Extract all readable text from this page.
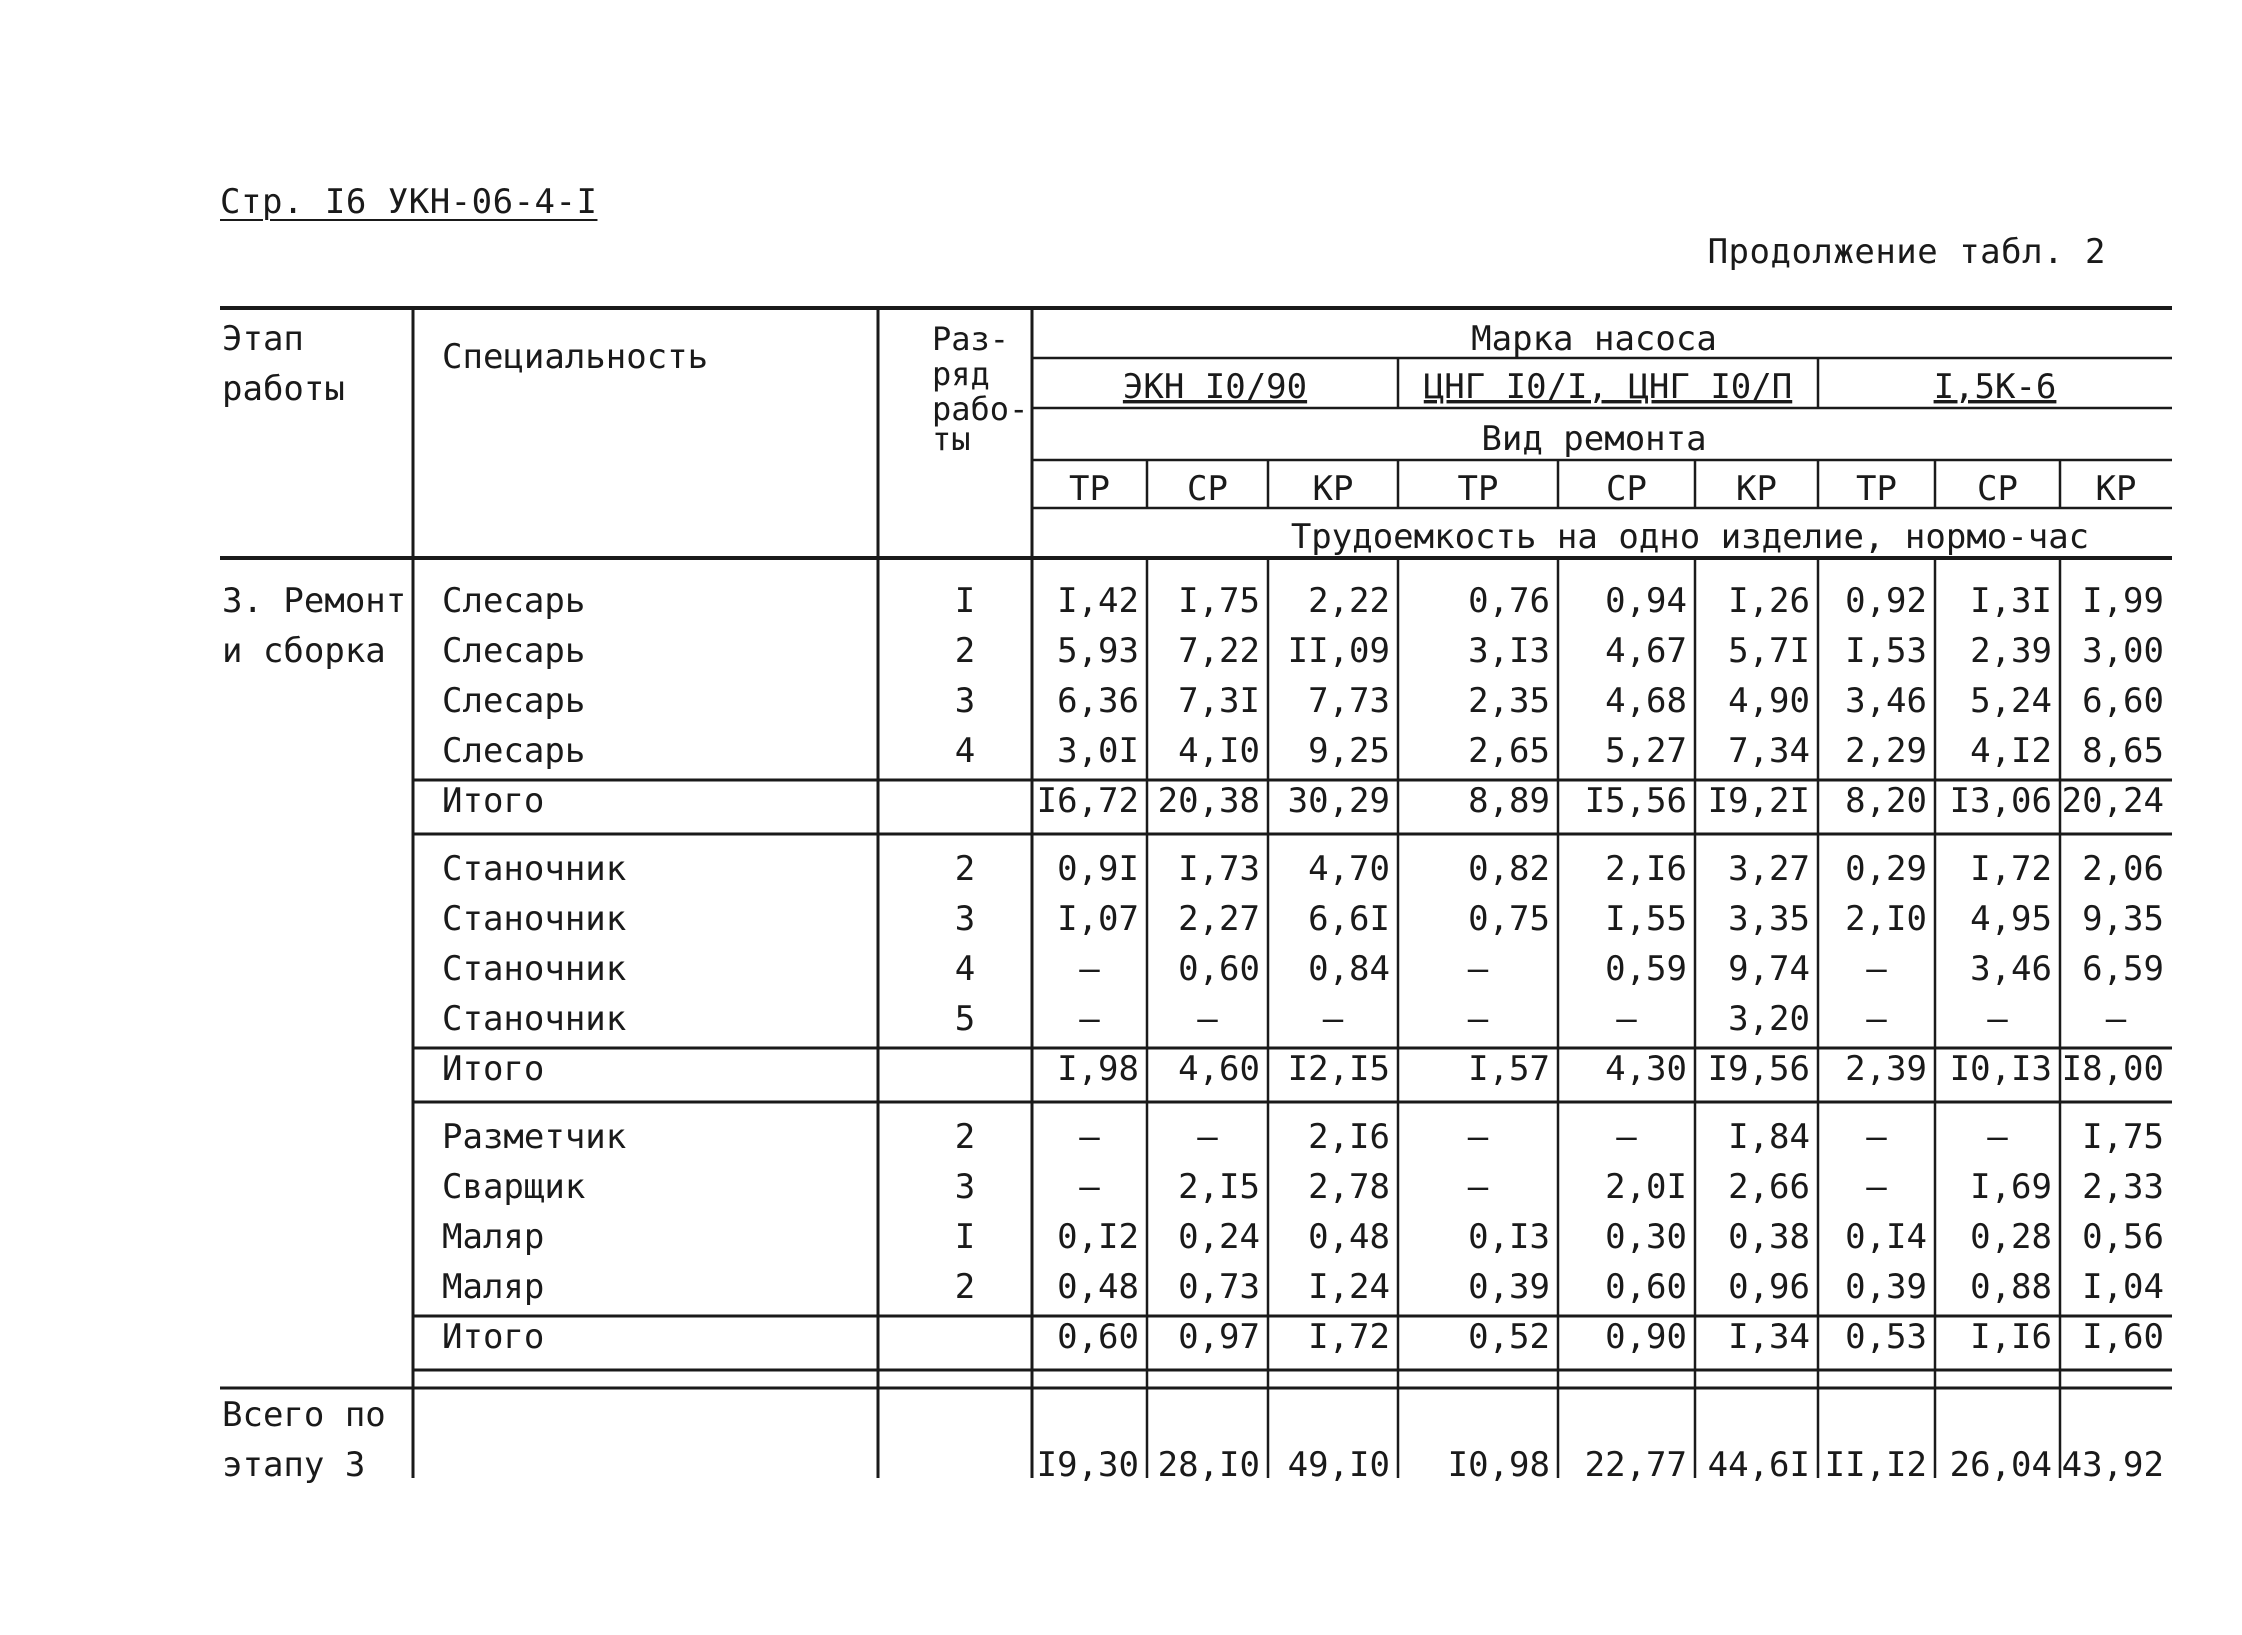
Стр. I6 УКН-06-4-I
Продолжение табл. 2
Этап
работы
Специальность	Раз-
ряд
рабо-
ты
Марка насоса
ЭКН I0/90	ЦНГ I0/I, ЦНГ I0/П	I,5К-6
Вид ремонта
ТР СР КР	ТР	СР	КР ТР СР КР
Трудоемкость на одно изделие, нормо-час
3. Ремонт
и сборка
Слесарь	I I,42 I,75 2,22 0,76 0,94 I,26 0,92 I,3I I,99
Слесарь	2 5,93 7,22 II,09 3,I3 4,67 5,7I I,53 2,39 3,00
Слесарь	3 6,36 7,3I 7,73 2,35 4,68 4,90 3,46 5,24 6,60
Слесарь	4 3,0I 4,I0 9,25 2,65 5,27 7,34 2,29 4,I2 8,65
Итого	I6,72 20,38 30,29 8,89 I5,56 I9,2I 8,20 I3,06 20,24
Станочник	2 0,9I I,73 4,70 0,82 2,I6 3,27 0,29 I,72 2,06
Станочник	3 I,07 2,27 6,6I 0,75 I,55 3,35 2,I0 4,95 9,35
Станочник	4	– 0,60 0,84 –	0,59 9,74 – 3,46 6,59
Станочник	5	–	–	–	–	–	3,20 –	–	–
Итого	I,98 4,60 I2,I5 I,57 4,30 I9,56 2,39 I0,I3 I8,00
Разметчик	2	–	–	2,I6 –	–	I,84 –	– I,75
Сварщик	3	– 2,I5 2,78 –	2,0I 2,66 – I,69 2,33
Маляр	I 0,I2 0,24 0,48 0,I3 0,30 0,38 0,I4 0,28 0,56
Маляр	2 0,48 0,73 I,24 0,39 0,60 0,96 0,39 0,88 I,04
Итого	0,60 0,97 I,72 0,52 0,90 I,34 0,53 I,I6 I,60
Всего по
этапу 3	I9,30 28,I0 49,I0 I0,98 22,77 44,6I II,I2 26,04 43,92
